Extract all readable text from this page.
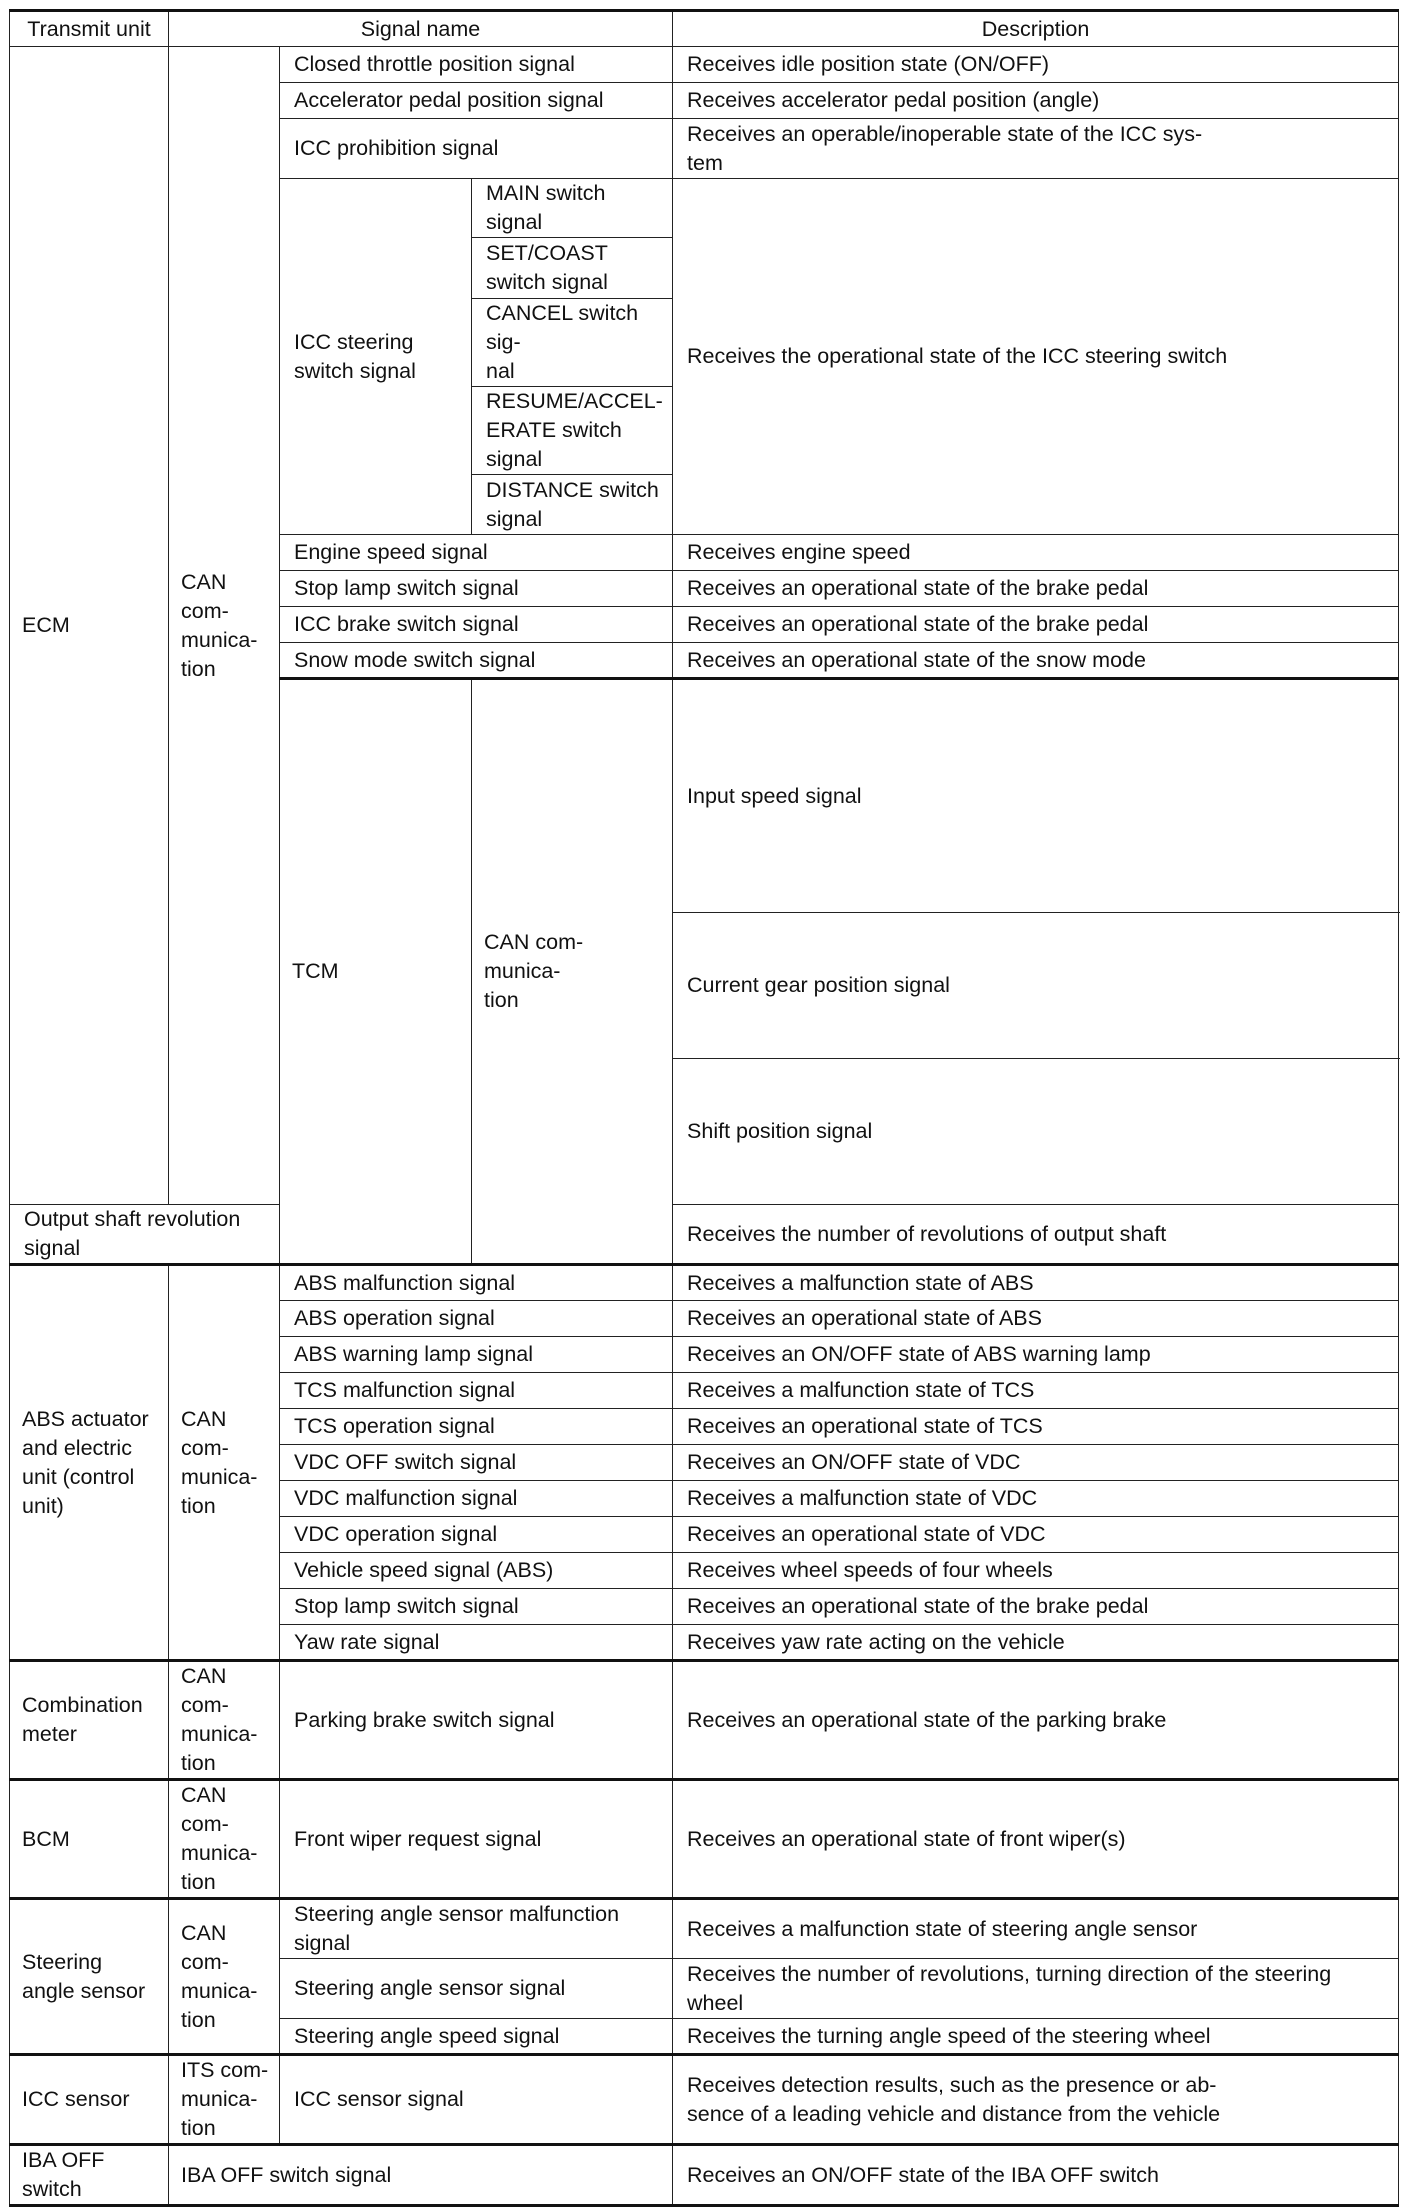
Transmit unit	Signal name			Description	
ECM	CAN com-
munica-
tion	Closed throttle position signal		Receives idle position state (ON/OFF)	
		Accelerator pedal position signal		Receives accelerator pedal position (angle)	
		ICC prohibition signal		Receives an operable/inoperable state of the ICC sys-
tem	
		ICC steering switch signal	MAIN switch signal	Receives the operational state of the ICC steering switch	
			SET/COAST switch signal		
			CANCEL switch sig-
nal		
			RESUME/ACCEL-
ERATE switch signal		
			DISTANCE switch signal		
		Engine speed signal		Receives engine speed	
		Stop lamp switch signal		Receives an operational state of the brake pedal	
		ICC brake switch signal		Receives an operational state of the brake pedal	
		Snow mode switch signal		Receives an operational state of the snow mode	
		TCM	CAN com-
munica-
tion	Input speed signal	
				Current gear position signal	
				Shift position signal	
Output shaft revolution signal				Receives the number of revolutions of output shaft	
ABS actuator and electric unit (control unit)	CAN com-
munica-
tion	ABS malfunction signal		Receives a malfunction state of ABS	
		ABS operation signal		Receives an operational state of ABS	
		ABS warning lamp signal		Receives an ON/OFF state of ABS warning lamp	
		TCS malfunction signal		Receives a malfunction state of TCS	
		TCS operation signal		Receives an operational state of TCS	
		VDC OFF switch signal		Receives an ON/OFF state of VDC	
		VDC malfunction signal		Receives a malfunction state of VDC	
		VDC operation signal		Receives an operational state of VDC	
		Vehicle speed signal (ABS)		Receives wheel speeds of four wheels	
		Stop lamp switch signal		Receives an operational state of the brake pedal	
		Yaw rate signal		Receives yaw rate acting on the vehicle	
Combination meter	CAN com-
munica-
tion	Parking brake switch signal		Receives an operational state of the parking brake	
BCM	CAN com-
munica-
tion	Front wiper request signal		Receives an operational state of front wiper(s)	
Steering angle sensor	CAN com-
munica-
tion	Steering angle sensor malfunction signal		Receives a malfunction state of steering angle sensor	
		Steering angle sensor signal		Receives the number of revolutions, turning direction of the steering wheel	
		Steering angle speed signal		Receives the turning angle speed of the steering wheel	
ICC sensor	ITS com-
munica-
tion	ICC sensor signal		Receives detection results, such as the presence or ab-
sence of a leading vehicle and distance from the vehicle	
IBA OFF switch	IBA OFF switch signal			Receives an ON/OFF state of the IBA OFF switch	
